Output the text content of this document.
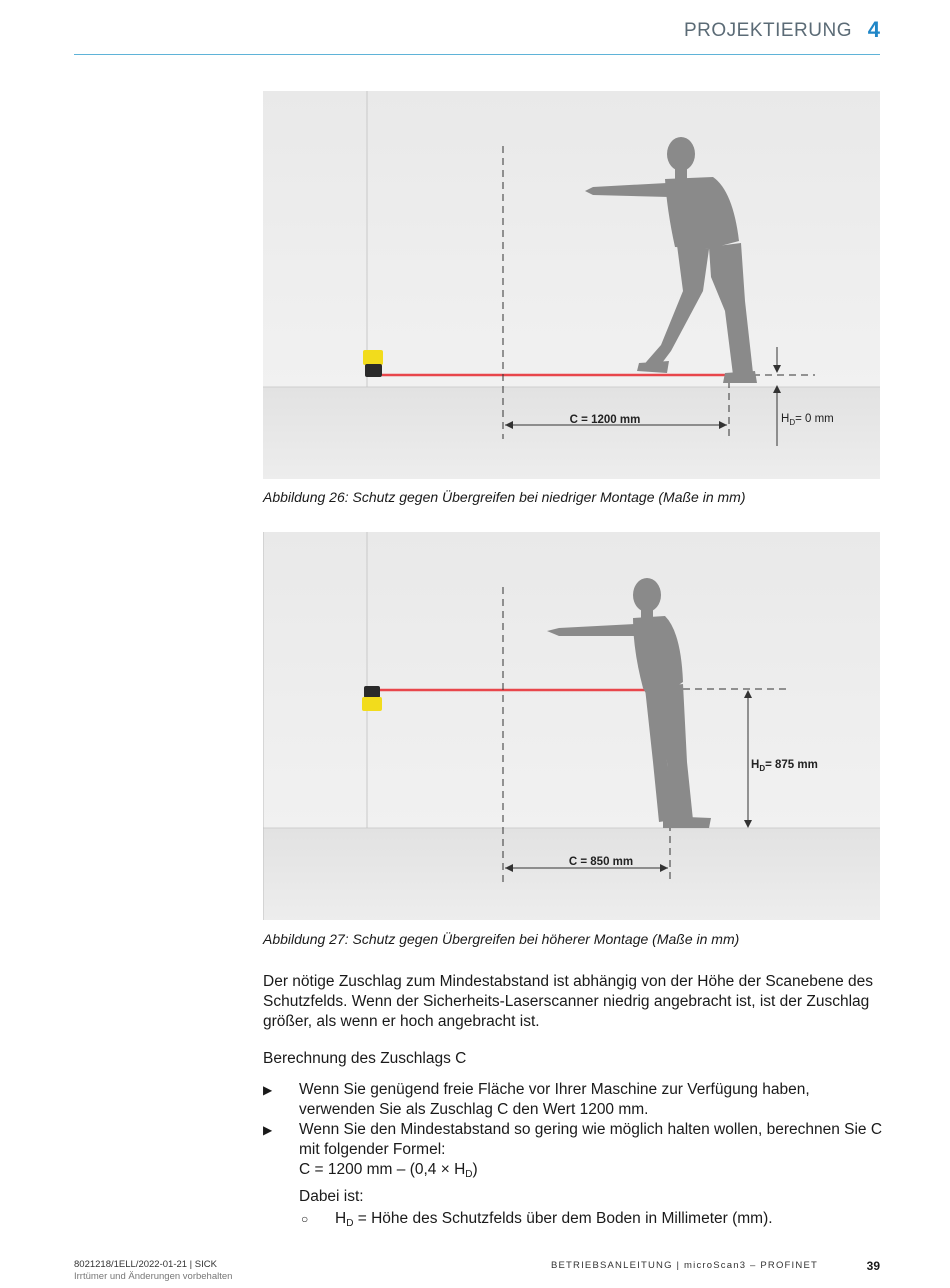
PROJEKTIERUNG 4
C = 1200 mm	$H_D= 0$ mm
Abbildung 26: Schutz gegen Übergreifen bei niedriger Montage (Maße in mm)
$H_D= 875$ mm
C = 850 mm
Abbildung 27: Schutz gegen Übergreifen bei höherer Montage (Maße in mm)
Der nötige Zuschlag zum Mindestabstand ist abhängig von der Höhe der Scanebene des Schutzfelds. Wenn der Sicherheits-Laserscanner niedrig angebracht ist, ist der Zuschlag größer, als wenn er hoch angebracht ist.
Berechnung des Zuschlags C
▶ Wenn Sie genügend freie Fläche vor Ihrer Maschine zur Verfügung haben, verwenden Sie als Zuschlag C den Wert 1200 mm.
▶ Wenn Sie den Mindestabstand so gering wie möglich halten wollen, berechnen Sie C mit folgender Formel:
C = 1200 mm – $(0,4 \times H_D)$
Dabei ist:
○ $H_D$ = Höhe des Schutzfelds über dem Boden in Millimeter (mm).
8021218/1ELL/2022-01-21 | SICK
Irrtümer und Änderungen vorbehalten
BETRIEBSANLEITUNG | microScan3 – PROFINET	39
